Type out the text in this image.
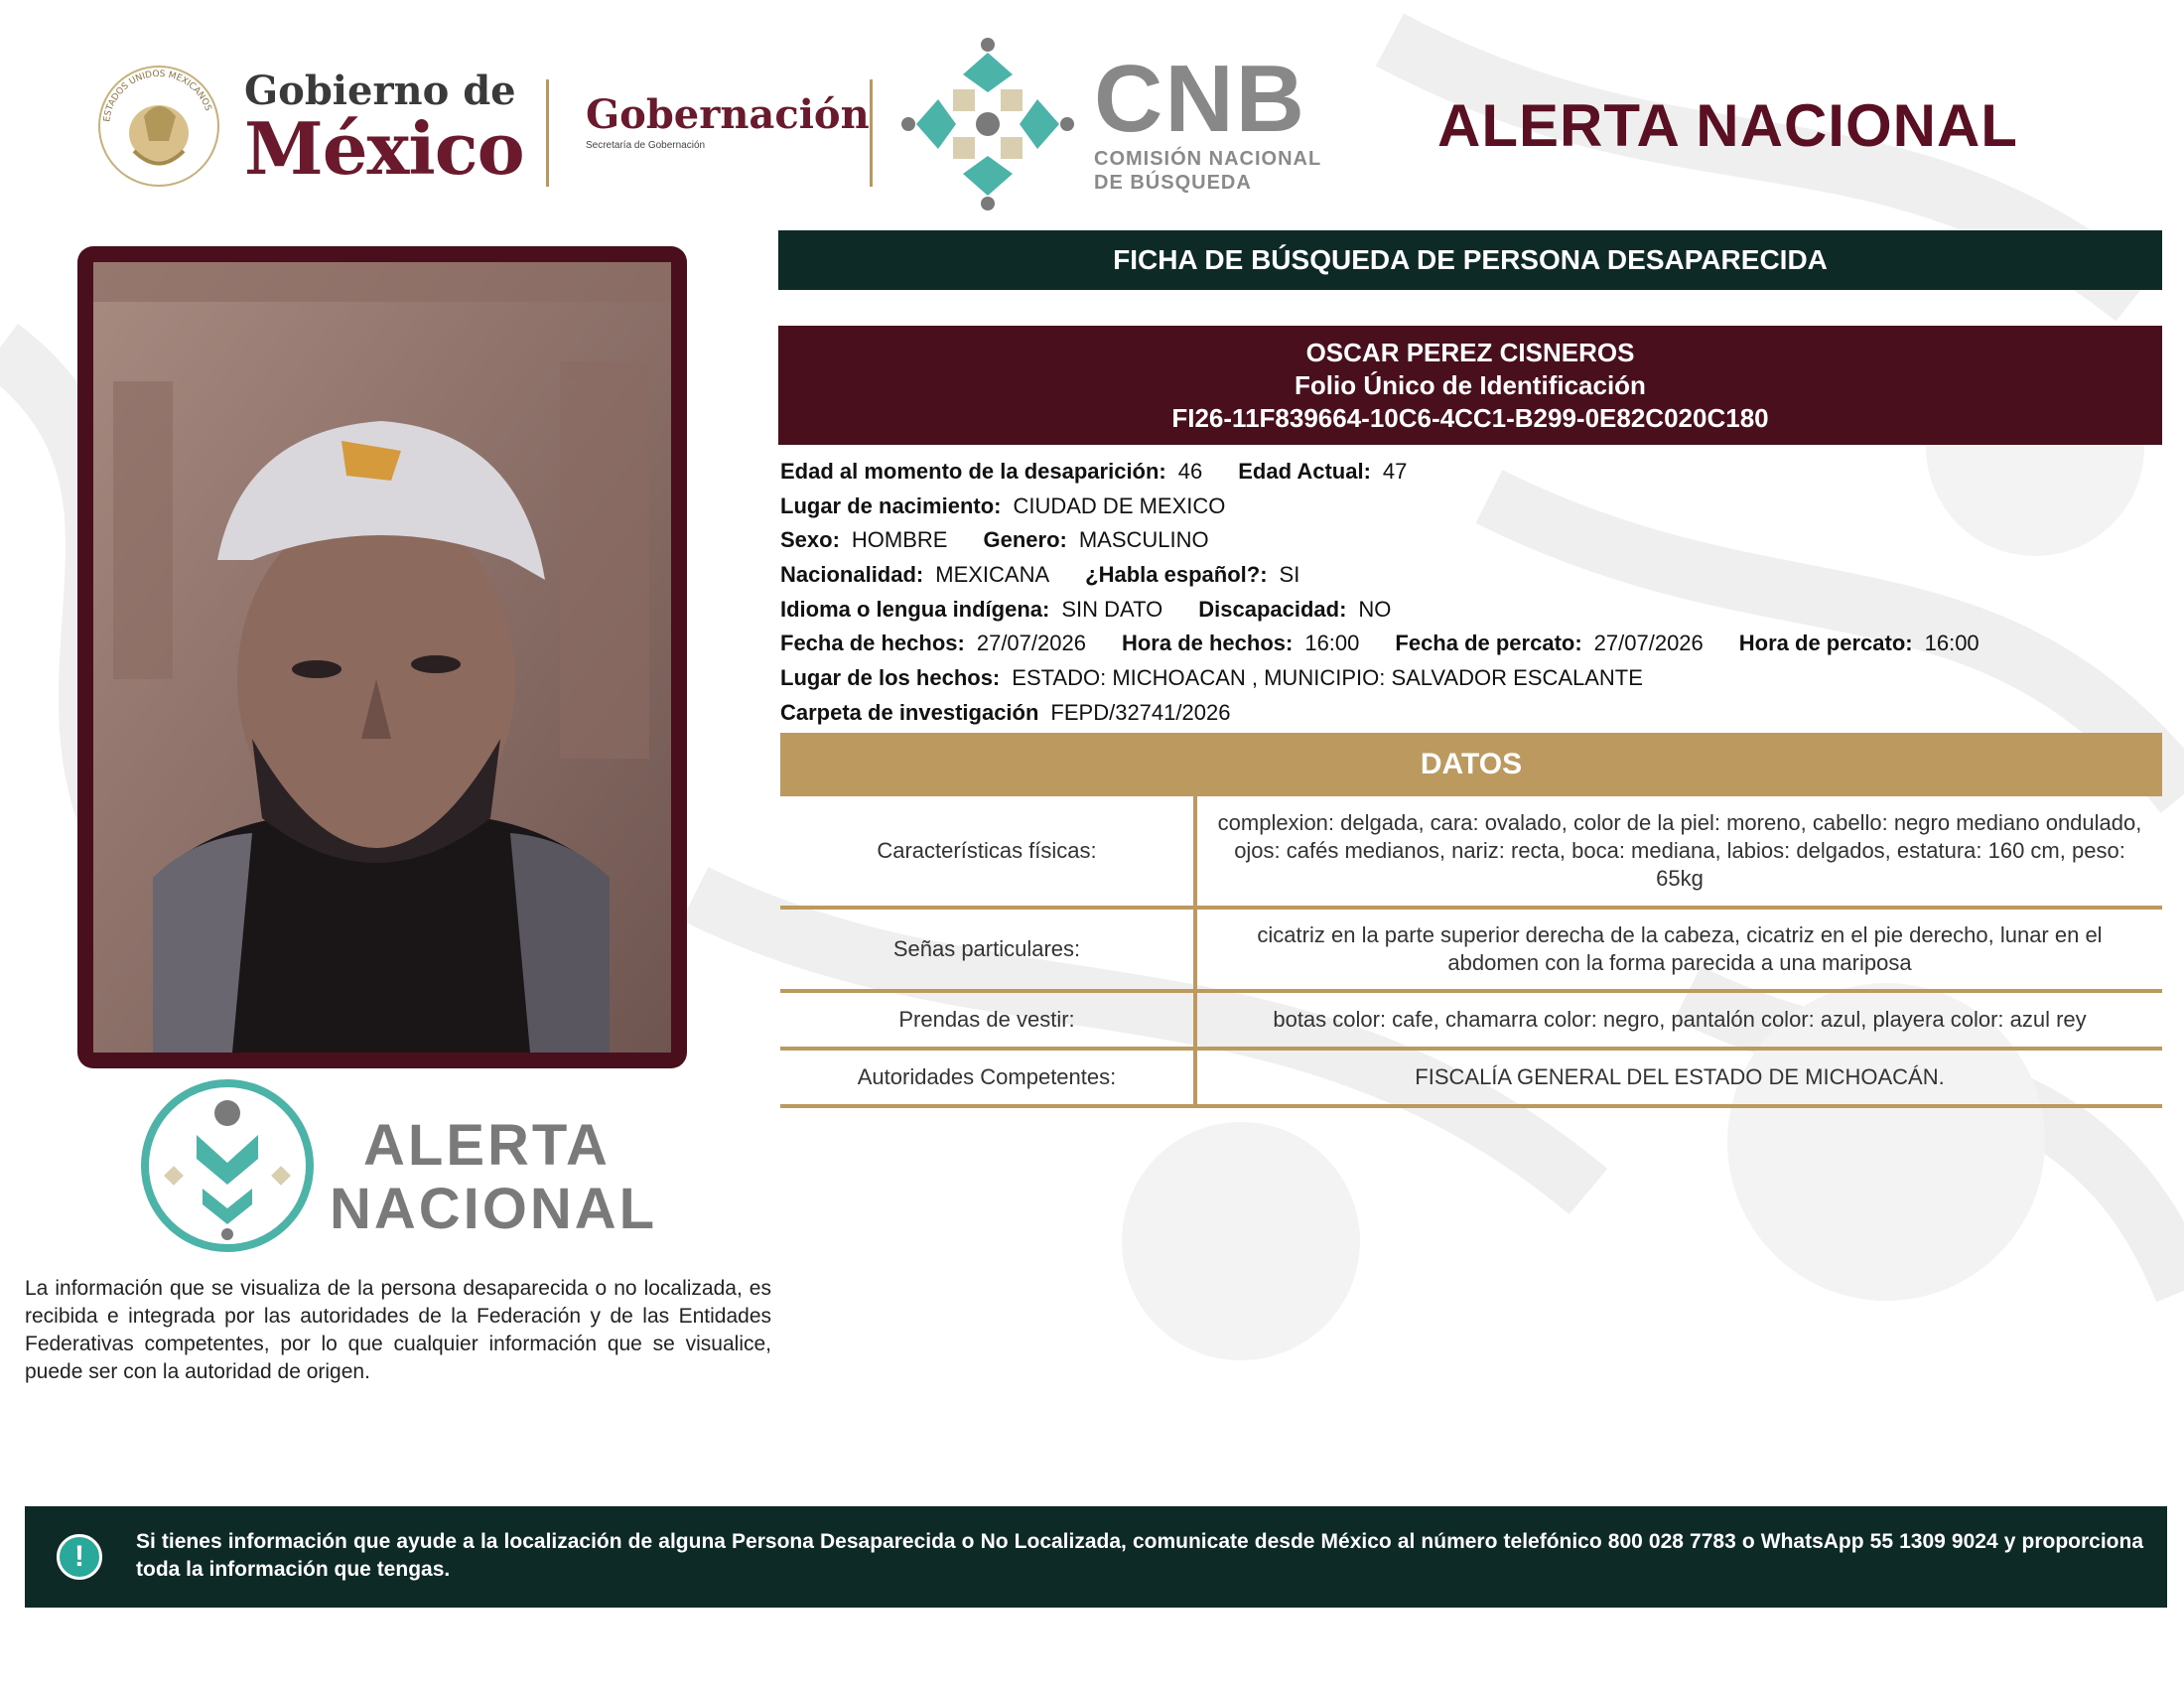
ESTADOS UNIDOS MEXICANOS Gobierno de
México Gobernación
Secretaría de Gobernación	CNB
COMISIÓN NACIONAL
DE BÚSQUEDA
ALERTA NACIONAL
FICHA DE BÚSQUEDA DE PERSONA DESAPARECIDA
OSCAR PEREZ CISNEROS
Folio Único de Identificación
FI26-11F839664-10C6-4CC1-B299-0E82C020C180
Edad al momento de la desaparición: 46 Edad Actual: 47
Lugar de nacimiento: CIUDAD DE MEXICO
Sexo: HOMBRE Genero: MASCULINO
Nacionalidad: MEXICANA ¿Habla español?: SI
Idioma o lengua indígena: SIN DATO Discapacidad: NO
Fecha de hechos: 27/07/2026 Hora de hechos: 16:00 Fecha de percato: 27/07/2026 Hora de percato: 16:00
Lugar de los hechos: ESTADO: MICHOACAN , MUNICIPIO: SALVADOR ESCALANTE
Carpeta de investigación FEPD/32741/2026
DATOS
Características físicas:	complexion: delgada, cara: ovalado, color de la piel: moreno, cabello: negro mediano ondulado, ojos: cafés medianos, nariz: recta, boca: mediana, labios: delgados, estatura: 160 cm, peso: 65kg
Señas particulares:	cicatriz en la parte superior derecha de la cabeza, cicatriz en el pie derecho, lunar en el abdomen con la forma parecida a una mariposa
Prendas de vestir:	botas color: cafe, chamarra color: negro, pantalón color: azul, playera color: azul rey
Autoridades Competentes:	FISCALÍA GENERAL DEL ESTADO DE MICHOACÁN.
ALERTA
NACIONAL
La información que se visualiza de la persona desaparecida o no localizada, es recibida e integrada por las autoridades de la Federación y de las Entidades Federativas competentes, por lo que cualquier información que se visualice, puede ser con la autoridad de origen.
!	Si tienes información que ayude a la localización de alguna Persona Desaparecida o No Localizada, comunicate desde México al número telefónico 800 028 7783 o WhatsApp 55 1309 9024 y proporciona toda la información que tengas.
